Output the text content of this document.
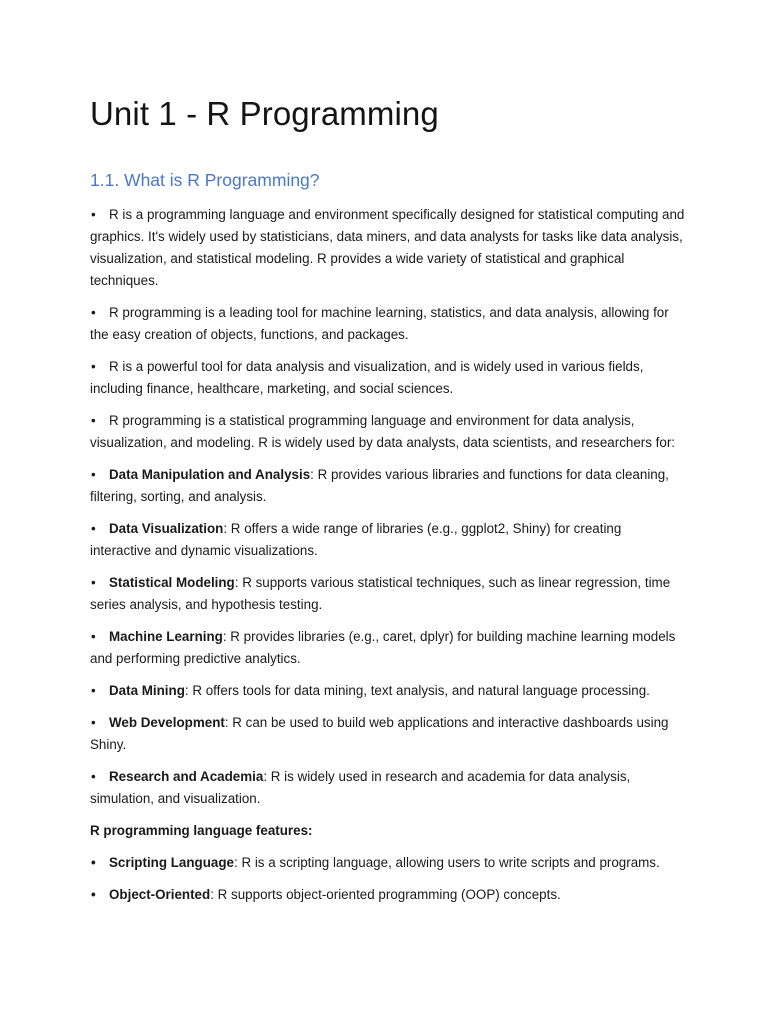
Unit 1 - R Programming
1.1. What is R Programming?

• R is a programming language and environment specifically designed for statistical computing and graphics. It's widely used by statisticians, data miners, and data analysts for tasks like data analysis, visualization, and statistical modeling. R provides a wide variety of statistical and graphical techniques.

• R programming is a leading tool for machine learning, statistics, and data analysis, allowing for the easy creation of objects, functions, and packages.

• R is a powerful tool for data analysis and visualization, and is widely used in various fields, including finance, healthcare, marketing, and social sciences.

• R programming is a statistical programming language and environment for data analysis, visualization, and modeling. R is widely used by data analysts, data scientists, and researchers for:

• Data Manipulation and Analysis: R provides various libraries and functions for data cleaning, filtering, sorting, and analysis.

• Data Visualization: R offers a wide range of libraries (e.g., ggplot2, Shiny) for creating interactive and dynamic visualizations.

• Statistical Modeling: R supports various statistical techniques, such as linear regression, time series analysis, and hypothesis testing.

• Machine Learning: R provides libraries (e.g., caret, dplyr) for building machine learning models and performing predictive analytics.

• Data Mining: R offers tools for data mining, text analysis, and natural language processing.

• Web Development: R can be used to build web applications and interactive dashboards using Shiny.

• Research and Academia: R is widely used in research and academia for data analysis, simulation, and visualization.

R programming language features:

• Scripting Language: R is a scripting language, allowing users to write scripts and programs.

• Object-Oriented: R supports object-oriented programming (OOP) concepts.
